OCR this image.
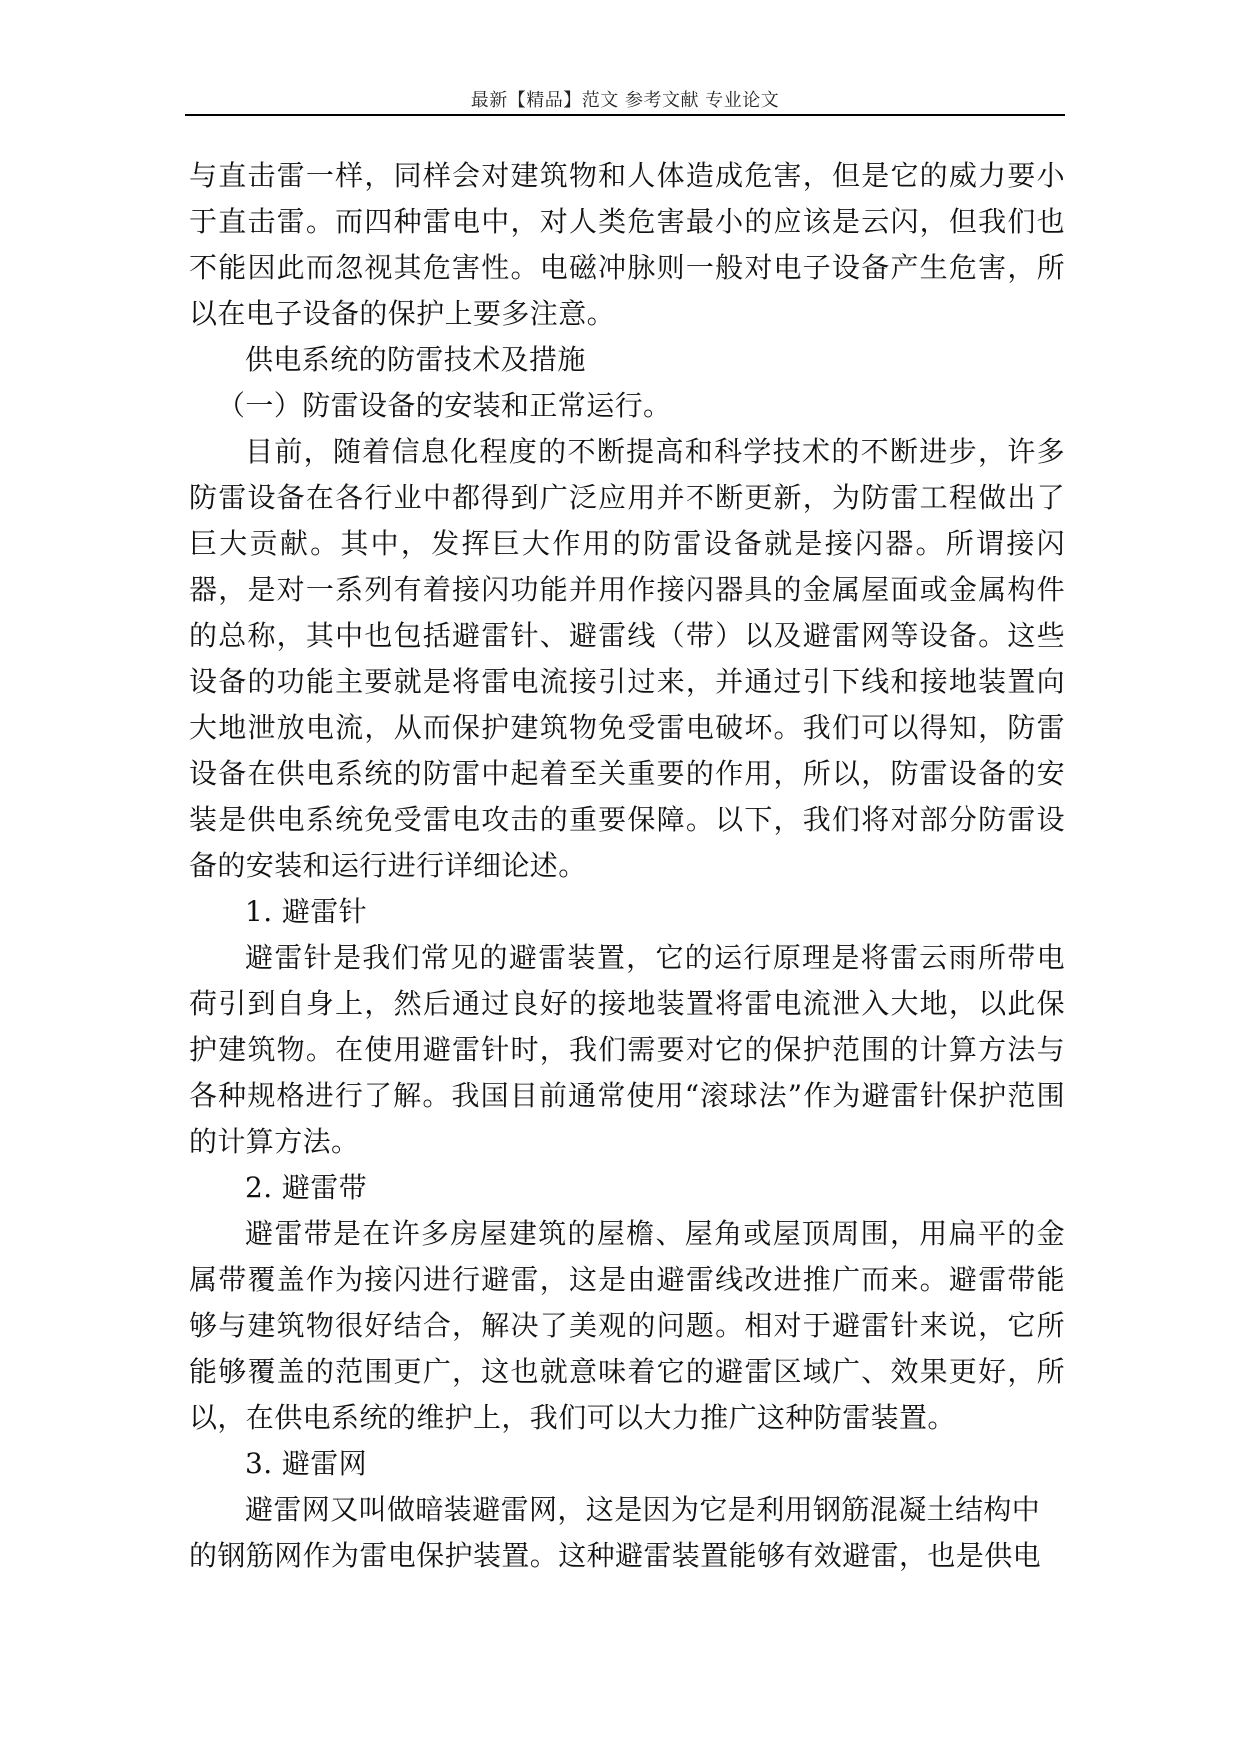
最新【精品】范文 参考文献 专业论文

与直击雷一样，同样会对建筑物和人体造成危害，但是它的威力要小于直击雷。而四种雷电中，对人类危害最小的应该是云闪，但我们也不能因此而忽视其危害性。电磁冲脉则一般对电子设备产生危害，所以在电子设备的保护上要多注意。

供电系统的防雷技术及措施

（一）防雷设备的安装和正常运行。

目前，随着信息化程度的不断提高和科学技术的不断进步，许多防雷设备在各行业中都得到广泛应用并不断更新，为防雷工程做出了巨大贡献。其中，发挥巨大作用的防雷设备就是接闪器。所谓接闪器，是对一系列有着接闪功能并用作接闪器具的金属屋面或金属构件的总称，其中也包括避雷针、避雷线（带）以及避雷网等设备。这些设备的功能主要就是将雷电流接引过来，并通过引下线和接地装置向大地泄放电流，从而保护建筑物免受雷电破坏。我们可以得知，防雷设备在供电系统的防雷中起着至关重要的作用，所以，防雷设备的安装是供电系统免受雷电攻击的重要保障。以下，我们将对部分防雷设备的安装和运行进行详细论述。

1. 避雷针

避雷针是我们常见的避雷装置，它的运行原理是将雷云雨所带电荷引到自身上，然后通过良好的接地装置将雷电流泄入大地，以此保护建筑物。在使用避雷针时，我们需要对它的保护范围的计算方法与各种规格进行了解。我国目前通常使用“滚球法”作为避雷针保护范围的计算方法。

2. 避雷带

避雷带是在许多房屋建筑的屋檐、屋角或屋顶周围，用扁平的金属带覆盖作为接闪进行避雷，这是由避雷线改进推广而来。避雷带能够与建筑物很好结合，解决了美观的问题。相对于避雷针来说，它所能够覆盖的范围更广，这也就意味着它的避雷区域广、效果更好，所以，在供电系统的维护上，我们可以大力推广这种防雷装置。

3. 避雷网

避雷网又叫做暗装避雷网，这是因为它是利用钢筋混凝土结构中的钢筋网作为雷电保护装置。这种避雷装置能够有效避雷，也是供电
